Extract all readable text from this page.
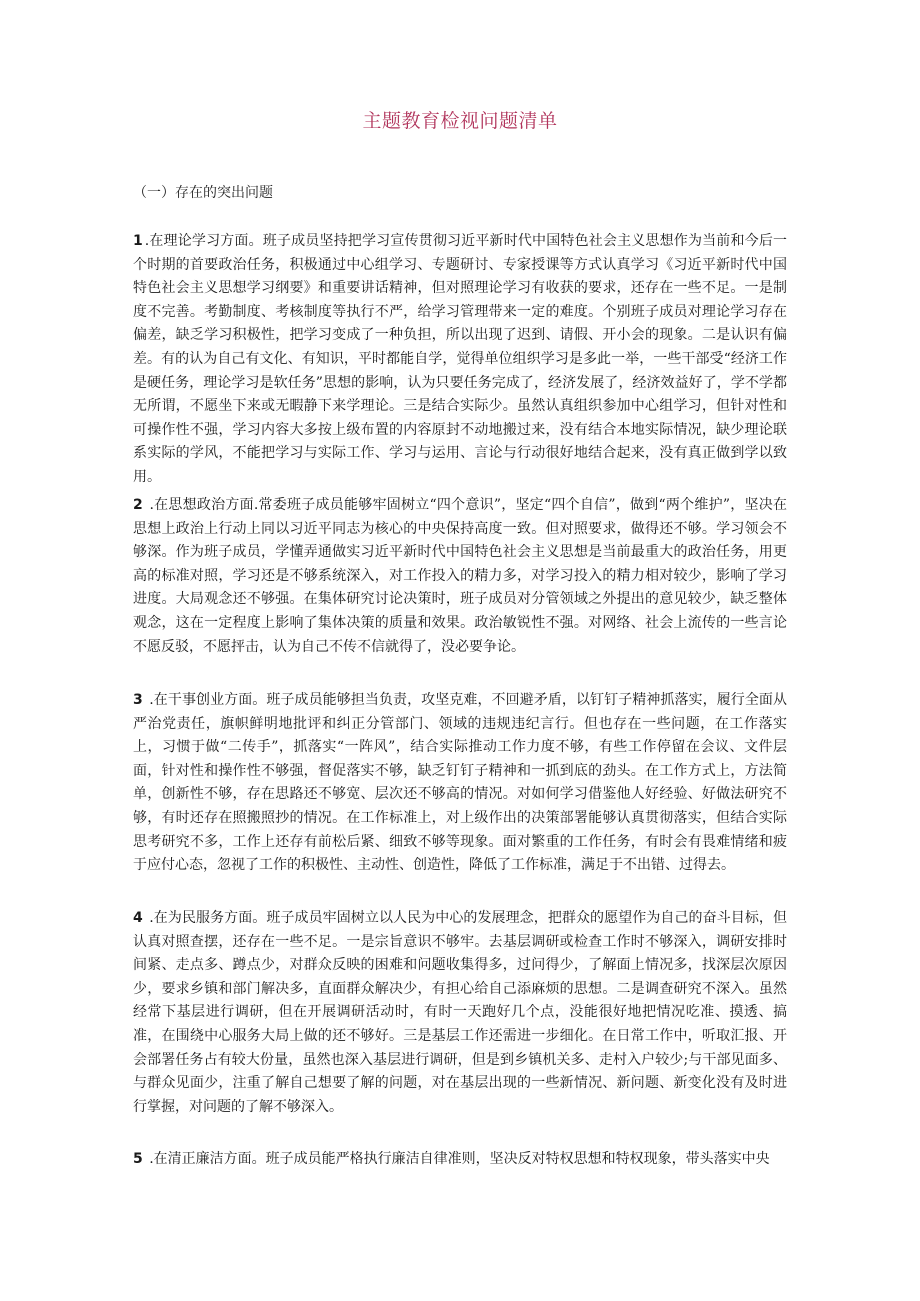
主题教育检视问题清单
（一）存在的突出问题
1 .在理论学习方面。班子成员坚持把学习宣传贯彻习近平新时代中国特色社会主义思想作为当前和今后一个时期的首要政治任务，积极通过中心组学习、专题研讨、专家授课等方式认真学习《习近平新时代中国特色社会主义思想学习纲要》和重要讲话精神，但对照理论学习有收获的要求，还存在一些不足。一是制度不完善。考勤制度、考核制度等执行不严，给学习管理带来一定的难度。个别班子成员对理论学习存在偏差，缺乏学习积极性，把学习变成了一种负担，所以出现了迟到、请假、开小会的现象。二是认识有偏差。有的认为自己有文化、有知识，平时都能自学，觉得单位组织学习是多此一举，一些干部受“经济工作是硬任务，理论学习是软任务”思想的影响，认为只要任务完成了，经济发展了，经济效益好了，学不学都无所谓，不愿坐下来或无暇静下来学理论。三是结合实际少。虽然认真组织参加中心组学习，但针对性和可操作性不强，学习内容大多按上级布置的内容原封不动地搬过来，没有结合本地实际情况，缺少理论联系实际的学风，不能把学习与实际工作、学习与运用、言论与行动很好地结合起来，没有真正做到学以致用。
2 .在思想政治方面.常委班子成员能够牢固树立“四个意识”，坚定“四个自信”，做到“两个维护”，坚决在思想上政治上行动上同以习近平同志为核心的中央保持高度一致。但对照要求，做得还不够。学习领会不够深。作为班子成员，学懂弄通做实习近平新时代中国特色社会主义思想是当前最重大的政治任务，用更高的标准对照，学习还是不够系统深入，对工作投入的精力多，对学习投入的精力相对较少，影响了学习进度。大局观念还不够强。在集体研究讨论决策时，班子成员对分管领域之外提出的意见较少，缺乏整体观念，这在一定程度上影响了集体决策的质量和效果。政治敏锐性不强。对网络、社会上流传的一些言论不愿反驳，不愿抨击，认为自己不传不信就得了，没必要争论。
3 .在干事创业方面。班子成员能够担当负责，攻坚克难，不回避矛盾，以钉钉子精神抓落实，履行全面从严治党责任，旗帜鲜明地批评和纠正分管部门、领域的违规违纪言行。但也存在一些问题，在工作落实上，习惯于做“二传手”，抓落实“一阵风”，结合实际推动工作力度不够，有些工作停留在会议、文件层面，针对性和操作性不够强，督促落实不够，缺乏钉钉子精神和一抓到底的劲头。在工作方式上，方法简单，创新性不够，存在思路还不够宽、层次还不够高的情况。对如何学习借鉴他人好经验、好做法研究不够，有时还存在照搬照抄的情况。在工作标准上，对上级作出的决策部署能够认真贯彻落实，但结合实际思考研究不多，工作上还存有前松后紧、细致不够等现象。面对繁重的工作任务，有时会有畏难情绪和疲于应付心态，忽视了工作的积极性、主动性、创造性，降低了工作标准，满足于不出错、过得去。
4 .在为民服务方面。班子成员牢固树立以人民为中心的发展理念，把群众的愿望作为自己的奋斗目标，但认真对照查摆，还存在一些不足。一是宗旨意识不够牢。去基层调研或检查工作时不够深入，调研安排时间紧、走点多、蹲点少，对群众反映的困难和问题收集得多，过问得少，了解面上情况多，找深层次原因少，要求乡镇和部门解决多，直面群众解决少，有担心给自己添麻烦的思想。二是调查研究不深入。虽然经常下基层进行调研，但在开展调研活动时，有时一天跑好几个点，没能很好地把情况吃准、摸透、搞准，在围绕中心服务大局上做的还不够好。三是基层工作还需进一步细化。在日常工作中，听取汇报、开会部署任务占有较大份量，虽然也深入基层进行调研，但是到乡镇机关多、走村入户较少;与干部见面多、与群众见面少，注重了解自己想要了解的问题，对在基层出现的一些新情况、新问题、新变化没有及时进行掌握，对问题的了解不够深入。
5 .在清正廉洁方面。班子成员能严格执行廉洁自律准则，坚决反对特权思想和特权现象，带头落实中央
